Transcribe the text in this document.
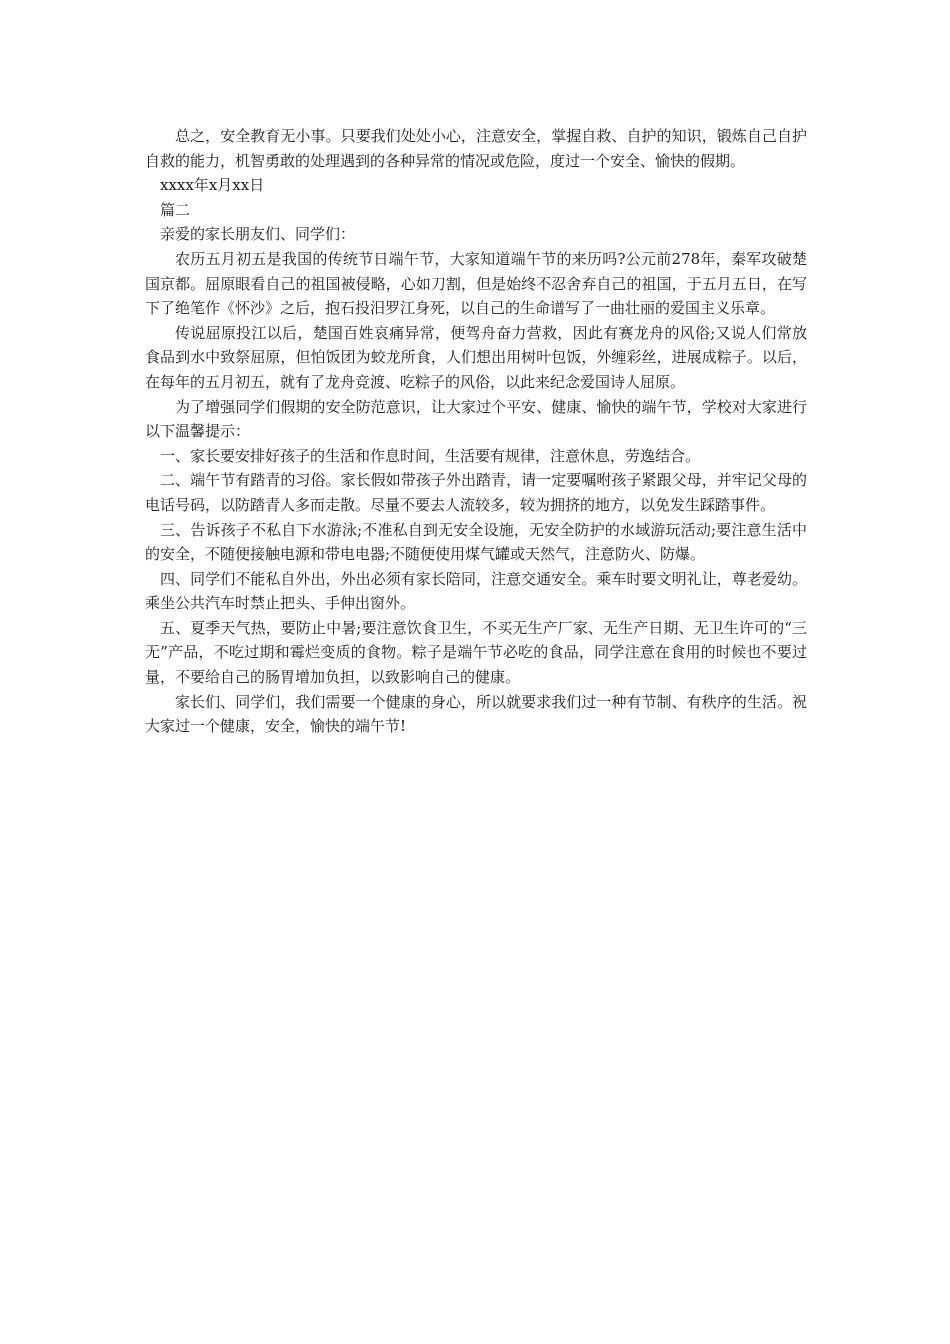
总之，安全教育无小事。只要我们处处小心，注意安全，掌握自救、自护的知识，锻炼自己自护自救的能力，机智勇敢的处理遇到的各种异常的情况或危险，度过一个安全、愉快的假期。

xxxx年x月xx日

篇二

亲爱的家长朋友们、同学们：

农历五月初五是我国的传统节日端午节，大家知道端午节的来历吗?公元前278年，秦军攻破楚国京都。屈原眼看自己的祖国被侵略，心如刀割，但是始终不忍舍弃自己的祖国，于五月五日，在写下了绝笔作《怀沙》之后，抱石投汨罗江身死，以自己的生命谱写了一曲壮丽的爱国主义乐章。

传说屈原投江以后，楚国百姓哀痛异常，便驾舟奋力营救，因此有赛龙舟的风俗;又说人们常放食品到水中致祭屈原，但怕饭团为蛟龙所食，人们想出用树叶包饭，外缠彩丝，进展成粽子。以后，在每年的五月初五，就有了龙舟竞渡、吃粽子的风俗，以此来纪念爱国诗人屈原。

为了增强同学们假期的安全防范意识，让大家过个平安、健康、愉快的端午节，学校对大家进行以下温馨提示：

一、家长要安排好孩子的生活和作息时间，生活要有规律，注意休息，劳逸结合。

二、端午节有踏青的习俗。家长假如带孩子外出踏青，请一定要嘱咐孩子紧跟父母，并牢记父母的电话号码，以防踏青人多而走散。尽量不要去人流较多，较为拥挤的地方，以免发生踩踏事件。

三、告诉孩子不私自下水游泳;不准私自到无安全设施，无安全防护的水域游玩活动;要注意生活中的安全，不随便接触电源和带电电器;不随便使用煤气罐或天然气，注意防火、防爆。

四、同学们不能私自外出，外出必须有家长陪同，注意交通安全。乘车时要文明礼让，尊老爱幼。乘坐公共汽车时禁止把头、手伸出窗外。

五、夏季天气热，要防止中暑;要注意饮食卫生，不买无生产厂家、无生产日期、无卫生许可的“三无”产品，不吃过期和霉烂变质的食物。粽子是端午节必吃的食品，同学注意在食用的时候也不要过量，不要给自己的肠胃增加负担，以致影响自己的健康。

家长们、同学们，我们需要一个健康的身心，所以就要求我们过一种有节制、有秩序的生活。祝大家过一个健康，安全，愉快的端午节!
